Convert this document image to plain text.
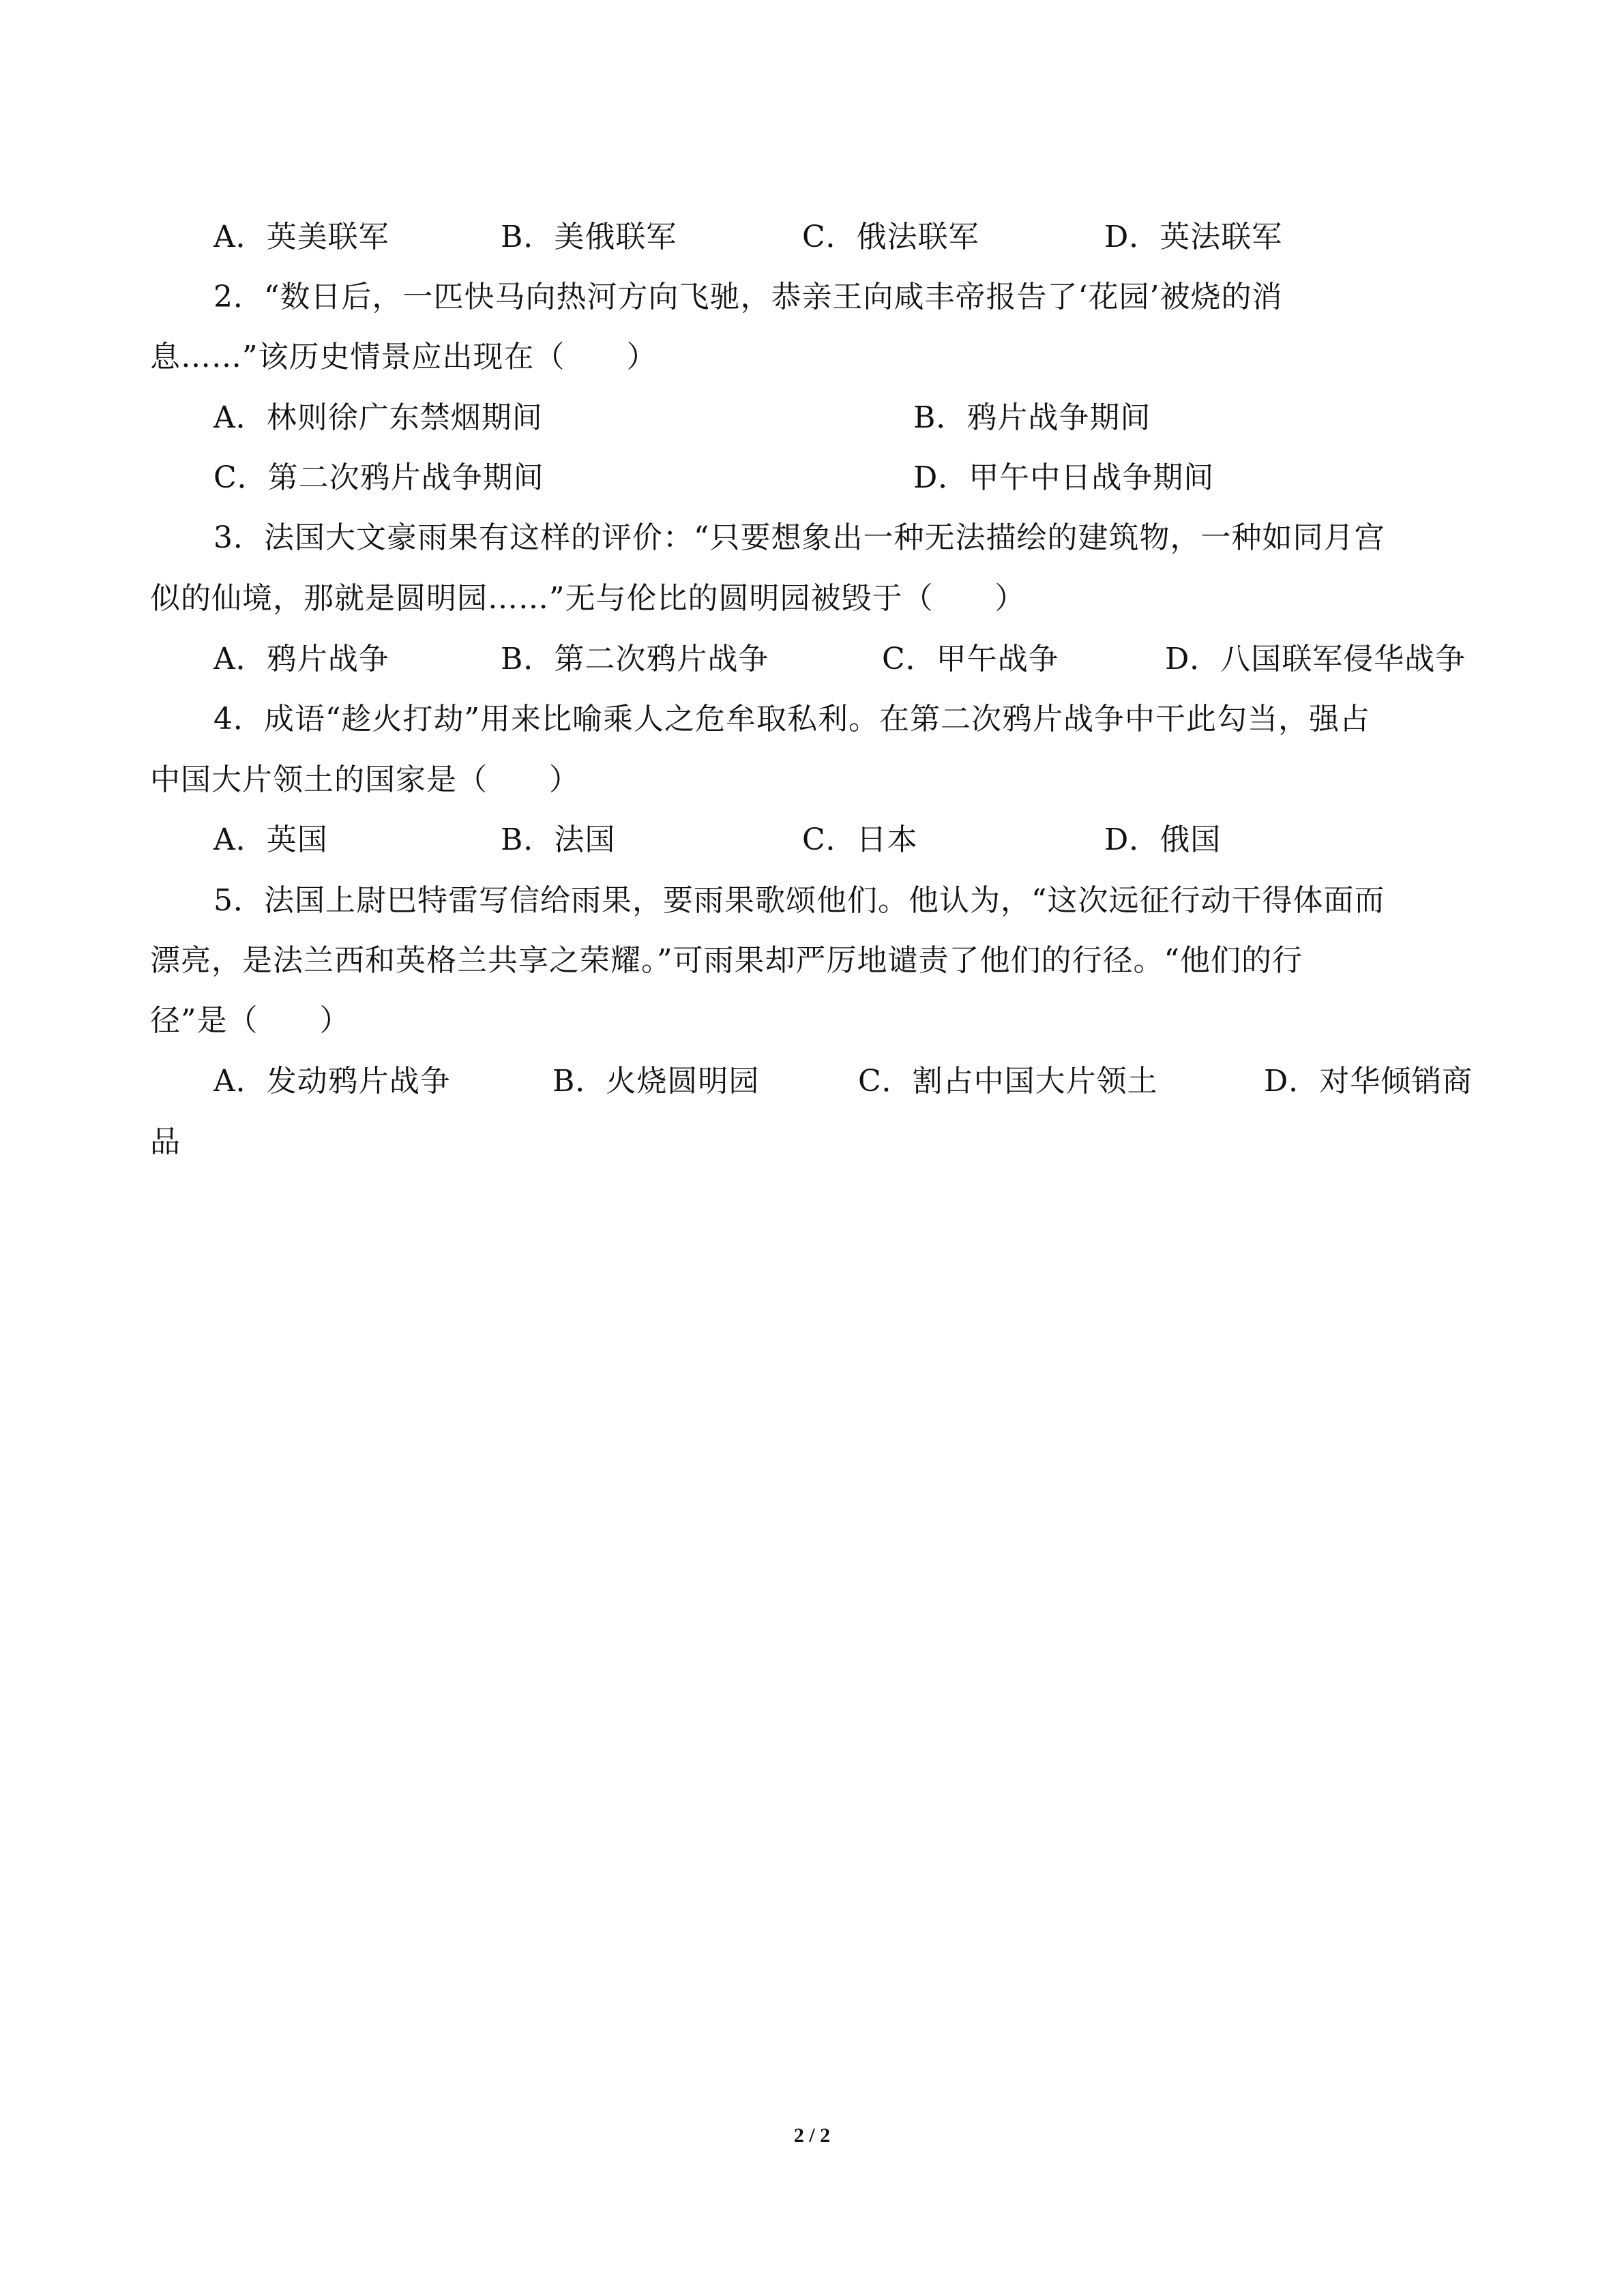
A．英美联军	B．美俄联军	C．俄法联军	D．英法联军
2．“数日后，一匹快马向热河方向飞驰，恭亲王向咸丰帝报告了‘花园’被烧的消
息……”该历史情景应出现在（　　）
A．林则徐广东禁烟期间	B．鸦片战争期间
C．第二次鸦片战争期间	D．甲午中日战争期间
3．法国大文豪雨果有这样的评价：“只要想象出一种无法描绘的建筑物，一种如同月宫
似的仙境，那就是圆明园……”无与伦比的圆明园被毁于（　　）
A．鸦片战争	B．第二次鸦片战争	C．甲午战争	D．八国联军侵华战争
4．成语“趁火打劫”用来比喻乘人之危牟取私利。在第二次鸦片战争中干此勾当，强占
中国大片领土的国家是（　　）
A．英国	B．法国	C．日本	D．俄国
5．法国上尉巴特雷写信给雨果，要雨果歌颂他们。他认为，“这次远征行动干得体面而
漂亮，是法兰西和英格兰共享之荣耀。”可雨果却严厉地谴责了他们的行径。“他们的行
径”是（　　）
A．发动鸦片战争	B．火烧圆明园	C．割占中国大片领土	D．对华倾销商
品
2 / 2
